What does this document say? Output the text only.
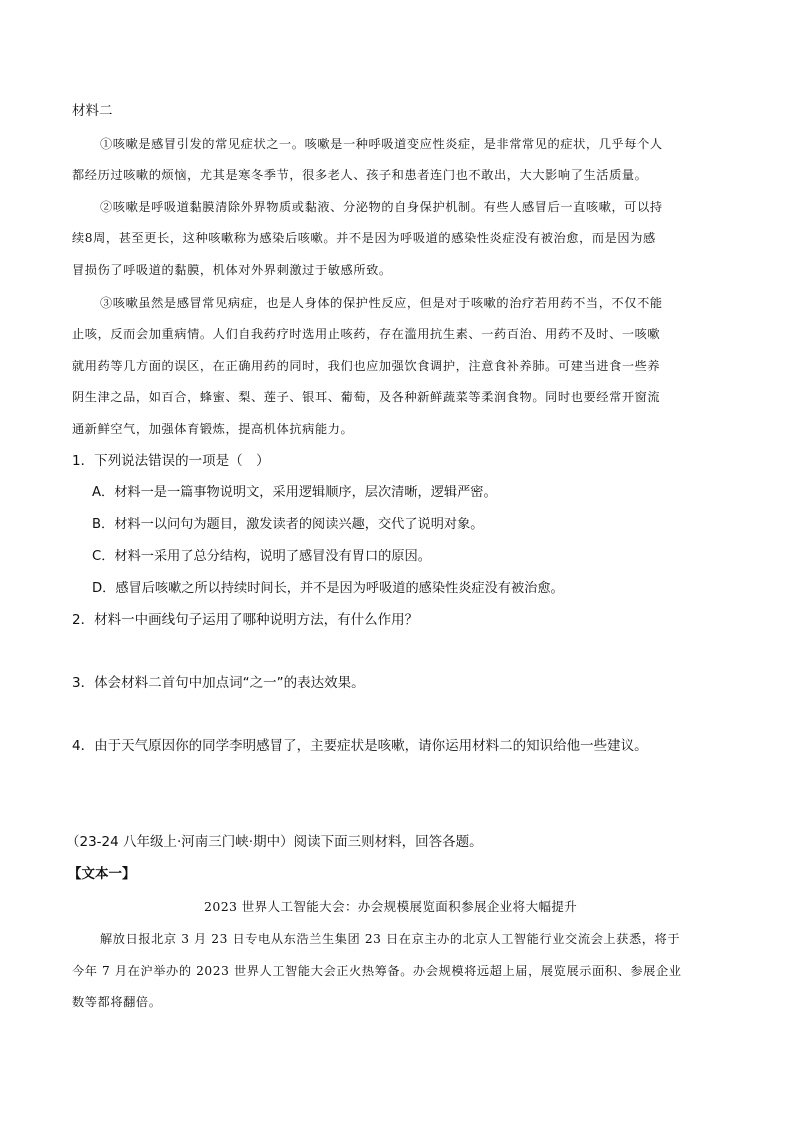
材料二
①咳嗽是感冒引发的常见症状之一。咳嗽是一种呼吸道变应性炎症，是非常常见的症状，几乎每个人
都经历过咳嗽的烦恼，尤其是寒冬季节，很多老人、孩子和患者连门也不敢出，大大影响了生活质量。
②咳嗽是呼吸道黏膜清除外界物质或黏液、分泌物的自身保护机制。有些人感冒后一直咳嗽，可以持
续8周，甚至更长，这种咳嗽称为感染后咳嗽。并不是因为呼吸道的感染性炎症没有被治愈，而是因为感
冒损伤了呼吸道的黏膜，机体对外界刺激过于敏感所致。
③咳嗽虽然是感冒常见病症，也是人身体的保护性反应，但是对于咳嗽的治疗若用药不当，不仅不能
止咳，反而会加重病情。人们自我药疗时选用止咳药，存在滥用抗生素、一药百治、用药不及时、一咳嗽
就用药等几方面的误区，在正确用药的同时，我们也应加强饮食调护，注意食补养肺。可建当进食一些养
阴生津之品，如百合，蜂蜜、梨、莲子、银耳、葡萄，及各种新鲜蔬菜等柔润食物。同时也要经常开窗流
通新鲜空气，加强体育锻炼，提高机体抗病能力。
1．下列说法错误的一项是（　）
A．材料一是一篇事物说明文，采用逻辑顺序，层次清晰，逻辑严密。
B．材料一以问句为题目，激发读者的阅读兴趣，交代了说明对象。
C．材料一采用了总分结构，说明了感冒没有胃口的原因。
D．感冒后咳嗽之所以持续时间长，并不是因为呼吸道的感染性炎症没有被治愈。
2．材料一中画线句子运用了哪种说明方法，有什么作用？
3．体会材料二首句中加点词“之一”的表达效果。
4．由于天气原因你的同学李明感冒了，主要症状是咳嗽，请你运用材料二的知识给他一些建议。
（23-24 八年级上·河南三门峡·期中）阅读下面三则材料，回答各题。
【文本一】
2023 世界人工智能大会：办会规模展览面积参展企业将大幅提升
解放日报北京 3 月 23 日专电从东浩兰生集团 23 日在京主办的北京人工智能行业交流会上获悉，将于
今年 7 月在沪举办的 2023 世界人工智能大会正火热筹备。办会规模将远超上届，展览展示面积、参展企业
数等都将翻倍。
